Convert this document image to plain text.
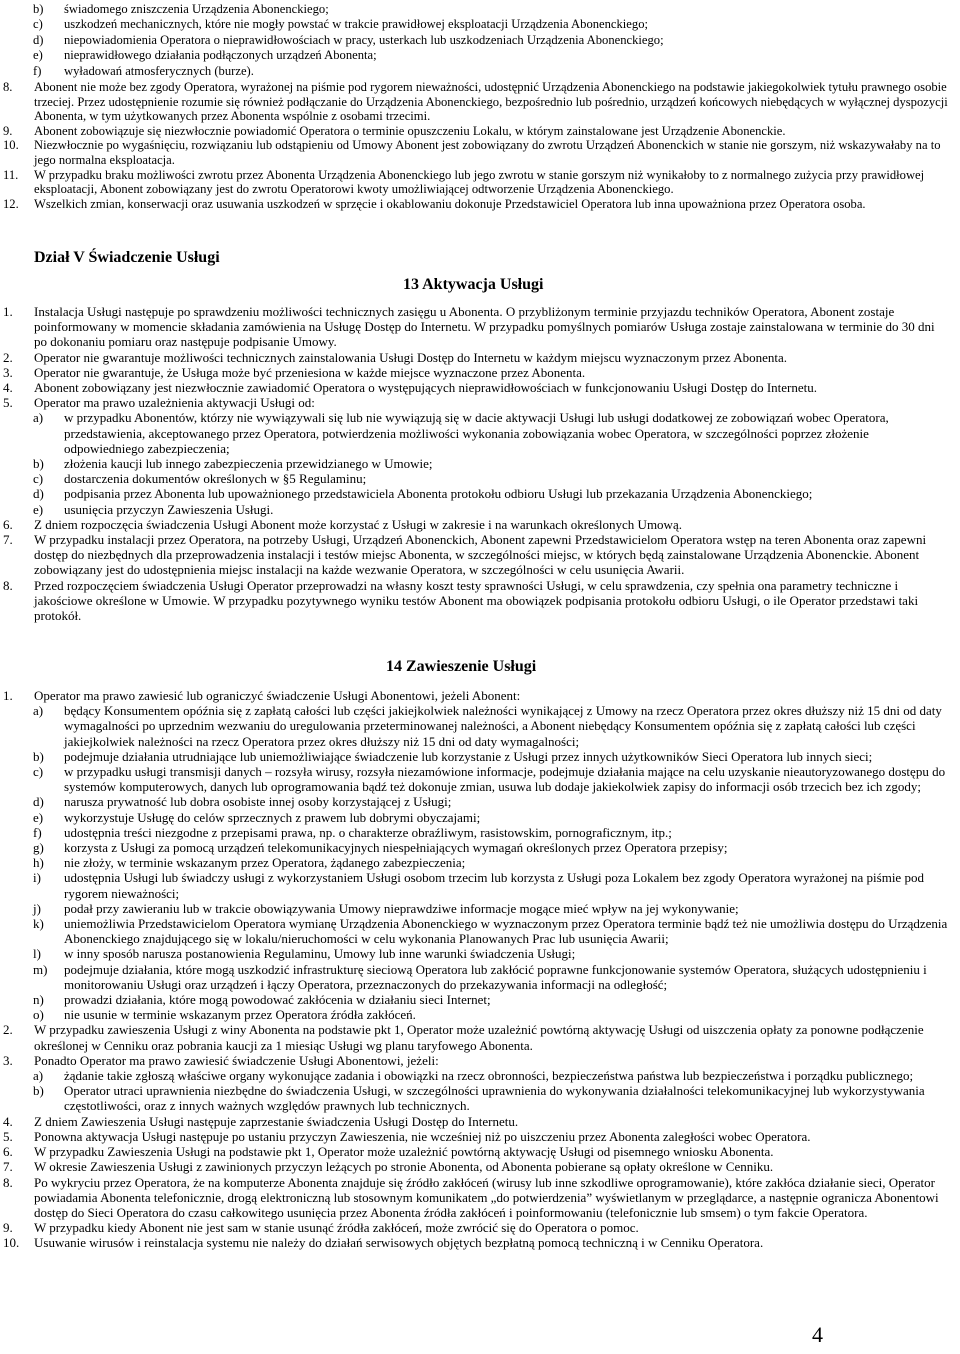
b)	świadomego zniszczenia Urządzenia Abonenckiego;
c)	uszkodzeń mechanicznych, które nie mogły powstać w trakcie prawidłowej eksploatacji Urządzenia Abonenckiego;
d)	niepowiadomienia Operatora o nieprawidłowościach w pracy, usterkach lub uszkodzeniach Urządzenia Abonenckiego;
e)	nieprawidłowego działania podłączonych urządzeń Abonenta;
f)	wyładowań atmosferycznych (burze).
8.	Abonent nie może bez zgody Operatora, wyrażonej na piśmie pod rygorem nieważności, udostępnić Urządzenia Abonenckiego na podstawie jakiegokolwiek tytułu prawnego osobie trzeciej. Przez udostępnienie rozumie się również podłączanie do Urządzenia Abonenckiego, bezpośrednio lub pośrednio, urządzeń końcowych niebędących w wyłącznej dyspozycji Abonenta, w tym użytkowanych przez Abonenta wspólnie z osobami trzecimi.
9.	Abonent zobowiązuje się niezwłocznie powiadomić Operatora o terminie opuszczeniu Lokalu, w którym zainstalowane jest Urządzenie Abonenckie.
10.	Niezwłocznie po wygaśnięciu, rozwiązaniu lub odstąpieniu od Umowy Abonent jest zobowiązany do zwrotu Urządzeń Abonenckich w stanie nie gorszym, niż wskazywałaby na to jego normalna eksploatacja.
11.	W przypadku braku możliwości zwrotu przez Abonenta Urządzenia Abonenckiego lub jego zwrotu w stanie gorszym niż wynikałoby to z normalnego zużycia przy prawidłowej eksploatacji, Abonent zobowiązany jest do zwrotu Operatorowi kwoty umożliwiającej odtworzenie Urządzenia Abonenckiego.
12.	Wszelkich zmian, konserwacji oraz usuwania uszkodzeń w sprzęcie i okablowaniu dokonuje Przedstawiciel Operatora lub inna upoważniona przez Operatora osoba.
Dział V Świadczenie Usługi
13 Aktywacja Usługi
1.	Instalacja Usługi następuje po sprawdzeniu możliwości technicznych zasięgu u Abonenta. O przybliżonym terminie przyjazdu techników Operatora, Abonent zostaje poinformowany w momencie składania zamówienia na Usługę Dostęp do Internetu. W przypadku pomyślnych pomiarów Usługa zostaje zainstalowana w terminie do 30 dni po dokonaniu pomiaru oraz następuje podpisanie Umowy.
2.	Operator nie gwarantuje możliwości technicznych zainstalowania Usługi Dostęp do Internetu w każdym miejscu wyznaczonym przez Abonenta.
3.	Operator nie gwarantuje, że Usługa może być przeniesiona w każde miejsce wyznaczone przez Abonenta.
4.	Abonent zobowiązany jest niezwłocznie zawiadomić Operatora o występujących nieprawidłowościach w funkcjonowaniu Usługi Dostęp do Internetu.
5.	Operator ma prawo uzależnienia aktywacji Usługi od:
a)	w przypadku Abonentów, którzy nie wywiązywali się lub nie wywiązują się w dacie aktywacji Usługi lub usługi dodatkowej ze zobowiązań wobec Operatora, przedstawienia, akceptowanego przez Operatora, potwierdzenia możliwości wykonania zobowiązania wobec Operatora, w szczególności poprzez złożenie odpowiedniego zabezpieczenia;
b)	złożenia kaucji lub innego zabezpieczenia przewidzianego w Umowie;
c)	dostarczenia dokumentów określonych w §5 Regulaminu;
d)	podpisania przez Abonenta lub upoważnionego przedstawiciela Abonenta protokołu odbioru Usługi lub przekazania Urządzenia Abonenckiego;
e)	usunięcia przyczyn Zawieszenia Usługi.
6.	Z dniem rozpoczęcia świadczenia Usługi Abonent może korzystać z Usługi w zakresie i na warunkach określonych Umową.
7.	W przypadku instalacji przez Operatora, na potrzeby Usługi, Urządzeń Abonenckich, Abonent zapewni Przedstawicielom Operatora wstęp na teren Abonenta oraz zapewni dostęp do niezbędnych dla przeprowadzenia instalacji i testów miejsc Abonenta, w szczególności miejsc, w których będą zainstalowane Urządzenia Abonenckie. Abonent zobowiązany jest do udostępnienia miejsc instalacji na każde wezwanie Operatora, w szczególności w celu usunięcia Awarii.
8.	Przed rozpoczęciem świadczenia Usługi Operator przeprowadzi na własny koszt testy sprawności Usługi, w celu sprawdzenia, czy spełnia ona parametry techniczne i jakościowe określone w Umowie. W przypadku pozytywnego wyniku testów Abonent ma obowiązek podpisania protokołu odbioru Usługi, o ile Operator przedstawi taki protokół.
14 Zawieszenie Usługi
1.	Operator ma prawo zawiesić lub ograniczyć świadczenie Usługi Abonentowi, jeżeli Abonent:
a)	będący Konsumentem opóźnia się z zapłatą całości lub części jakiejkolwiek należności wynikającej z Umowy na rzecz Operatora przez okres dłuższy niż 15 dni od daty wymagalności po uprzednim wezwaniu do uregulowania przeterminowanej należności, a Abonent niebędący Konsumentem opóźnia się z zapłatą całości lub części jakiejkolwiek należności na rzecz Operatora przez okres dłuższy niż 15 dni od daty wymagalności;
b)	podejmuje działania utrudniające lub uniemożliwiające świadczenie lub korzystanie z Usługi przez innych użytkowników Sieci Operatora lub innych sieci;
c)	w przypadku usługi transmisji danych – rozsyła wirusy, rozsyła niezamówione informacje, podejmuje działania mające na celu uzyskanie nieautoryzowanego dostępu do systemów komputerowych, danych lub oprogramowania bądź też dokonuje zmian, usuwa lub dodaje jakiekolwiek zapisy do informacji osób trzecich bez ich zgody;
d)	narusza prywatność lub dobra osobiste innej osoby korzystającej z Usługi;
e)	wykorzystuje Usługę do celów sprzecznych z prawem lub dobrymi obyczajami;
f)	udostępnia treści niezgodne z przepisami prawa, np. o charakterze obraźliwym, rasistowskim, pornograficznym, itp.;
g)	korzysta z Usługi za pomocą urządzeń telekomunikacyjnych niespełniających wymagań określonych przez Operatora przepisy;
h)	nie złoży, w terminie wskazanym przez Operatora, żądanego zabezpieczenia;
i)	udostępnia Usługi lub świadczy usługi z wykorzystaniem Usługi osobom trzecim lub korzysta z Usługi poza Lokalem bez zgody Operatora wyrażonej na piśmie pod rygorem nieważności;
j)	podał przy zawieraniu lub w trakcie obowiązywania Umowy nieprawdziwe informacje mogące mieć wpływ na jej wykonywanie;
k)	uniemożliwia Przedstawicielom Operatora wymianę Urządzenia Abonenckiego w wyznaczonym przez Operatora terminie bądź też nie umożliwia dostępu do Urządzenia Abonenckiego znajdującego się w lokalu/nieruchomości w celu wykonania Planowanych Prac lub usunięcia Awarii;
l)	w inny sposób narusza postanowienia Regulaminu, Umowy lub inne warunki świadczenia Usługi;
m)	podejmuje działania, które mogą uszkodzić infrastrukturę sieciową Operatora lub zakłócić poprawne funkcjonowanie systemów Operatora, służących udostępnieniu i monitorowaniu Usługi oraz urządzeń i łączy Operatora, przeznaczonych do przekazywania informacji na odległość;
n)	prowadzi działania, które mogą powodować zakłócenia w działaniu sieci Internet;
o)	nie usunie w terminie wskazanym przez Operatora źródła zakłóceń.
2.	W przypadku zawieszenia Usługi z winy Abonenta na podstawie pkt 1, Operator może uzależnić powtórną aktywację Usługi od uiszczenia opłaty za ponowne podłączenie określonej w Cenniku oraz pobrania kaucji za 1 miesiąc Usługi wg planu taryfowego Abonenta.
3.	Ponadto Operator ma prawo zawiesić świadczenie Usługi Abonentowi, jeżeli:
a)	żądanie takie zgłoszą właściwe organy wykonujące zadania i obowiązki na rzecz obronności, bezpieczeństwa państwa lub bezpieczeństwa i porządku publicznego;
b)	Operator utraci uprawnienia niezbędne do świadczenia Usługi, w szczególności uprawnienia do wykonywania działalności telekomunikacyjnej lub wykorzystywania częstotliwości, oraz z innych ważnych względów prawnych lub technicznych.
4.	Z dniem Zawieszenia Usługi następuje zaprzestanie świadczenia Usługi Dostęp do Internetu.
5.	Ponowna aktywacja Usługi następuje po ustaniu przyczyn Zawieszenia, nie wcześniej niż po uiszczeniu przez Abonenta zaległości wobec Operatora.
6.	W przypadku Zawieszenia Usługi na podstawie pkt 1, Operator może uzależnić powtórną aktywację Usługi od pisemnego wniosku Abonenta.
7.	W okresie Zawieszenia Usługi z zawinionych przyczyn leżących po stronie Abonenta, od Abonenta pobierane są opłaty określone w Cenniku.
8.	Po wykryciu przez Operatora, że na komputerze Abonenta znajduje się źródło zakłóceń (wirusy lub inne szkodliwe oprogramowanie), które zakłóca działanie sieci, Operator powiadamia Abonenta telefonicznie, drogą elektroniczną lub stosownym komunikatem „do potwierdzenia” wyświetlanym w przeglądarce, a następnie ogranicza Abonentowi dostęp do Sieci Operatora do czasu całkowitego usunięcia przez Abonenta źródła zakłóceń i poinformowaniu (telefonicznie lub smsem) o tym fakcie Operatora.
9.	W przypadku kiedy Abonent nie jest sam w stanie usunąć źródła zakłóceń, może zwrócić się do Operatora o pomoc.
10.	Usuwanie wirusów i reinstalacja systemu nie należy do działań serwisowych objętych bezpłatną pomocą techniczną i w Cenniku Operatora.
4
